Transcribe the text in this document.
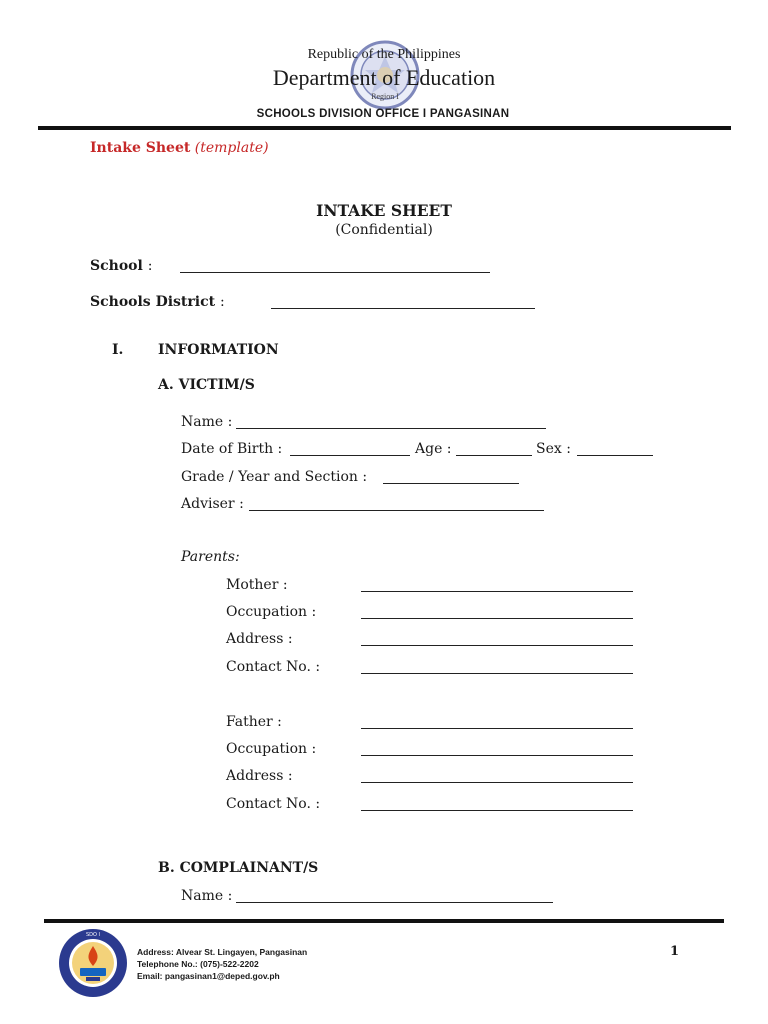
Republic of the Philippines
Department of Education
Region I
SCHOOLS DIVISION OFFICE I PANGASINAN
Intake Sheet (template)
INTAKE SHEET
(Confidential)
School :
Schools District :
I. INFORMATION
A. VICTIM/S
Name :
Date of Birth :	Age :	Sex :
Grade / Year and Section :
Adviser :
Parents:
Mother :
Occupation :
Address :
Contact No. :
Father :
Occupation :
Address :
Contact No. :
B. COMPLAINANT/S
Name :
SDO I
Address: Alvear St. Lingayen, Pangasinan
Telephone No.: (075)-522-2202
Email: pangasinan1@deped.gov.ph
1
